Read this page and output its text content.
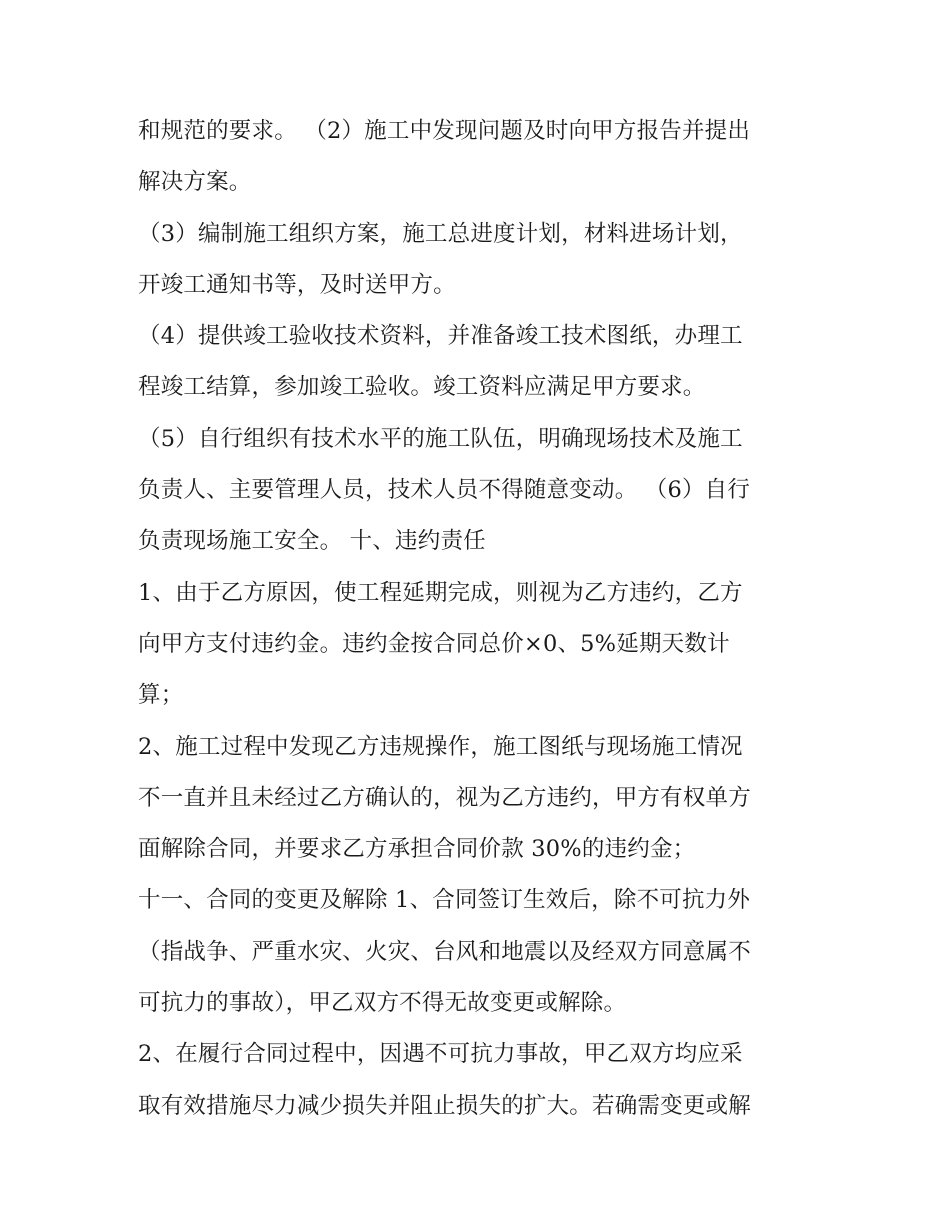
和规范的要求。 （2）施工中发现问题及时向甲方报告并提出
解决方案。
（3）编制施工组织方案，施工总进度计划，材料进场计划，
开竣工通知书等，及时送甲方。
（4）提供竣工验收技术资料，并准备竣工技术图纸，办理工
程竣工结算，参加竣工验收。竣工资料应满足甲方要求。
（5）自行组织有技术水平的施工队伍，明确现场技术及施工
负责人、主要管理人员，技术人员不得随意变动。 （6）自行
负责现场施工安全。 十、违约责任
1、由于乙方原因，使工程延期完成，则视为乙方违约，乙方
向甲方支付违约金。违约金按合同总价×0、5%延期天数计
算；
2、施工过程中发现乙方违规操作，施工图纸与现场施工情况
不一直并且未经过乙方确认的，视为乙方违约，甲方有权单方
面解除合同，并要求乙方承担合同价款 30%的违约金；
十一、合同的变更及解除 1、合同签订生效后，除不可抗力外
（指战争、严重水灾、火灾、台风和地震以及经双方同意属不
可抗力的事故），甲乙双方不得无故变更或解除。
2、在履行合同过程中，因遇不可抗力事故，甲乙双方均应采
取有效措施尽力减少损失并阻止损失的扩大。若确需变更或解
